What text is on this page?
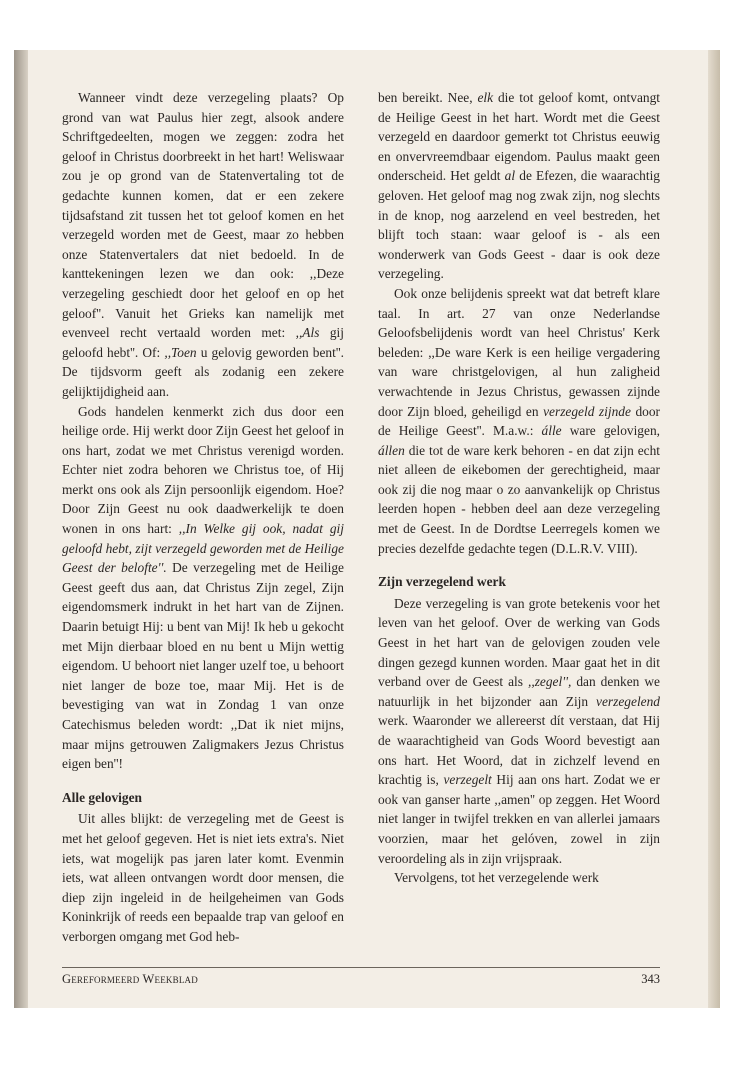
Wanneer vindt deze verzegeling plaats? Op grond van wat Paulus hier zegt, alsook andere Schriftgedeelten, mogen we zeggen: zodra het geloof in Christus doorbreekt in het hart! Weliswaar zou je op grond van de Statenvertaling tot de gedachte kunnen komen, dat er een zekere tijdsafstand zit tussen het tot geloof komen en het verzegeld worden met de Geest, maar zo hebben onze Statenvertalers dat niet bedoeld. In de kanttekeningen lezen we dan ook: ,,Deze verzegeling geschiedt door het geloof en op het geloof''. Vanuit het Grieks kan namelijk met evenveel recht vertaald worden met: ,,Als gij geloofd hebt''. Of: ,,Toen u gelovig geworden bent''. De tijdsvorm geeft als zodanig een zekere gelijktijdigheid aan.

Gods handelen kenmerkt zich dus door een heilige orde. Hij werkt door Zijn Geest het geloof in ons hart, zodat we met Christus verenigd worden. Echter niet zodra behoren we Christus toe, of Hij merkt ons ook als Zijn persoonlijk eigendom. Hoe? Door Zijn Geest nu ook daadwerkelijk te doen wonen in ons hart: ,,In Welke gij ook, nadat gij geloofd hebt, zijt verzegeld geworden met de Heilige Geest der belofte''. De verzegeling met de Heilige Geest geeft dus aan, dat Christus Zijn zegel, Zijn eigendomsmerk indrukt in het hart van de Zijnen. Daarin betuigt Hij: u bent van Mij! Ik heb u gekocht met Mijn dierbaar bloed en nu bent u Mijn wettig eigendom. U behoort niet langer uzelf toe, u behoort niet langer de boze toe, maar Mij. Het is de bevestiging van wat in Zondag 1 van onze Catechismus beleden wordt: ,,Dat ik niet mijns, maar mijns getrouwen Zaligmakers Jezus Christus eigen ben''!

Alle gelovigen

Uit alles blijkt: de verzegeling met de Geest is met het geloof gegeven. Het is niet iets extra's. Niet iets, wat mogelijk pas jaren later komt. Evenmin iets, wat alleen ontvangen wordt door mensen, die diep zijn ingeleid in de heilgeheimen van Gods Koninkrijk of reeds een bepaalde trap van geloof en verborgen omgang met God heb-

ben bereikt. Nee, elk die tot geloof komt, ontvangt de Heilige Geest in het hart. Wordt met die Geest verzegeld en daardoor gemerkt tot Christus eeuwig en onvervreemdbaar eigendom. Paulus maakt geen onderscheid. Het geldt al de Efezen, die waarachtig geloven. Het geloof mag nog zwak zijn, nog slechts in de knop, nog aarzelend en veel bestreden, het blijft toch staan: waar geloof is - als een wonderwerk van Gods Geest - daar is ook deze verzegeling.

Ook onze belijdenis spreekt wat dat betreft klare taal. In art. 27 van onze Nederlandse Geloofsbelijdenis wordt van heel Christus' Kerk beleden: ,,De ware Kerk is een heilige vergadering van ware christgelovigen, al hun zaligheid verwachtende in Jezus Christus, gewassen zijnde door Zijn bloed, geheiligd en verzegeld zijnde door de Heilige Geest''. M.a.w.: álle ware gelovigen, állen die tot de ware kerk behoren - en dat zijn echt niet alleen de eikebomen der gerechtigheid, maar ook zij die nog maar o zo aanvankelijk op Christus leerden hopen - hebben deel aan deze verzegeling met de Geest. In de Dordtse Leerregels komen we precies dezelfde gedachte tegen (D.L.R.V. VIII).

Zijn verzegelend werk

Deze verzegeling is van grote betekenis voor het leven van het geloof. Over de werking van Gods Geest in het hart van de gelovigen zouden vele dingen gezegd kunnen worden. Maar gaat het in dit verband over de Geest als ,,zegel'', dan denken we natuurlijk in het bijzonder aan Zijn verzegelend werk. Waaronder we allereerst dít verstaan, dat Hij de waarachtigheid van Gods Woord bevestigt aan ons hart. Het Woord, dat in zichzelf levend en krachtig is, verzegelt Hij aan ons hart. Zodat we er ook van ganser harte ,,amen'' op zeggen. Het Woord niet langer in twijfel trekken en van allerlei jamaars voorzien, maar het gelóven, zowel in zijn veroordeling als in zijn vrijspraak.

Vervolgens, tot het verzegelende werk

Gereformeerd Weekblad	343
